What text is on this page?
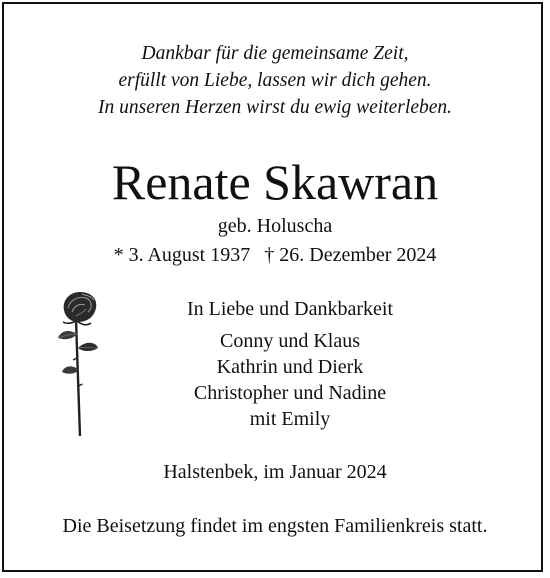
Dankbar für die gemeinsame Zeit,
erfüllt von Liebe, lassen wir dich gehen.
In unseren Herzen wirst du ewig weiterleben.
Renate Skawran
geb. Holuscha
* 3. August 1937 † 26. Dezember 2024
In Liebe und Dankbarkeit
Conny und Klaus
Kathrin und Dierk
Christopher und Nadine
mit Emily
Halstenbek, im Januar 2024
Die Beisetzung findet im engsten Familienkreis statt.
